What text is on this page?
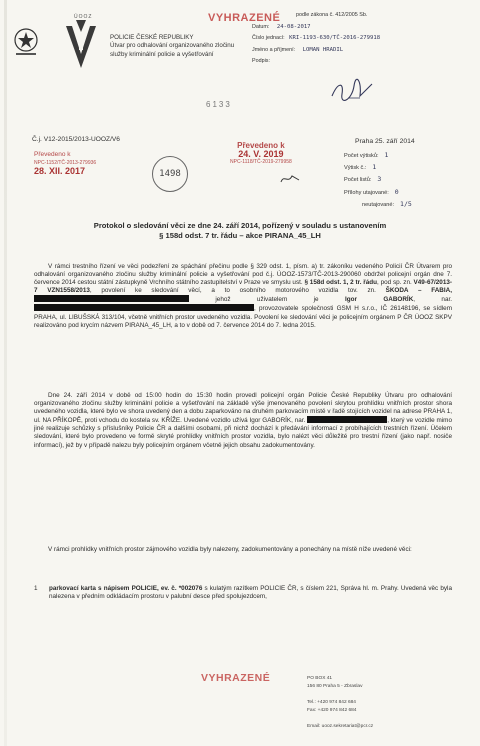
ÚOOZ
POLICIE ČESKÉ REPUBLIKY
Útvar pro odhalování organizovaného zločinu
služby kriminální policie a vyšetřování
VYHRAZENÉ	podle zákona č. 412/2005 Sb.
Datum: 24-08-2017
Číslo jednací: KRI-1193-630/TČ-2016-279918
Jméno a příjmení: LOMAN HRADIL
Podpis:
6133
Č.j. V12-2015/2013-UOOZ/V6
Převedeno k
NPC-1152/TČ-2013-279936
28. XII. 2017	1498
Převedeno k
24. V. 2019
NPC-1118/TČ-2019-279958
Praha 25. září 2014
Počet výtisků: 1
Výtisk č.: 1
Počet listů: 3
Přílohy utajované: 0
neutajované: 1/5
Protokol o sledování věci ze dne 24. září 2014, pořízený v souladu s ustanovením
§ 158d odst. 7 tr. řádu – akce PIRANA_45_LH
V rámci trestního řízení ve věci podezření ze spáchání přečinu podle § 329 odst. 1, písm. a) tr. zákoníku vedeného Policií ČR Útvarem pro odhalování organizovaného zločinu služby kriminální policie a vyšetřování pod č.j. ÚOOZ-1573/TČ-2013-290060 obdržel policejní orgán dne 7. července 2014 cestou státní zástupkyně Vrchního státního zastupitelství v Praze ve smyslu ust. § 158d odst. 1, 2 tr. řádu, pod sp. zn. V49-67/2013-7 VZN1558/2013, povolení ke sledování věcí, a to osobního motorového vozidla tov. zn. ŠKODA – FABIA, jehož uživatelem je Igor GABORÍK, nar., provozovatele společnosti GSM H s.r.o., IČ 26148196, se sídlem PRAHA, ul. LIBUŠSKÁ 313/104, včetně vnitřních prostor uvedeného vozidla. Povolení ke sledování věci je policejním orgánem P ČR ÚOOZ SKPV realizováno pod krycím názvem PIRANA_45_LH, a to v době od 7. července 2014 do 7. ledna 2015.
Dne 24. září 2014 v době od 15:00 hodin do 15:30 hodin provedl policejní orgán Policie České Republiky Útvaru pro odhalování organizovaného zločinu služby kriminální policie a vyšetřování na základě výše jmenovaného povolení skrytou prohlídku vnitřních prostor shora uvedeného vozidla, které bylo ve shora uvedený den a dobu zaparkováno na druhém parkovacím místě v řadě stojících vozidel na adrese PRAHA 1, ul. NA PŘÍKOPĚ, proti vchodu do kostela sv. KŘÍŽE. Uvedené vozidlo užívá Igor GABORÍK, nar.	, který ve vozidle mimo jiné realizuje schůzky s příslušníky Policie ČR a dalšími osobami, při nichž dochází k předávání informací z probíhajících trestních řízení. Účelem sledování, které bylo provedeno ve formě skryté prohlídky vnitřních prostor vozidla, bylo nalézt věci důležité pro trestní řízení (jako např. nosiče informací), jež by v případě nalezu byly policejním orgánem včetně jejich obsahu zadokumentovány.
V rámci prohlídky vnitřních prostor zájmového vozidla byly nalezeny, zadokumentovány a ponechány na místě níže uvedené věci:
1 parkovací karta s nápisem POLICIE, ev. č. *002076 s kulatým razítkem POLICIE ČR, s číslem 221, Správa hl. m. Prahy. Uvedená věc byla nalezena v předním odkládacím prostoru v palubní desce před spolujezdcem,
VYHRAZENÉ	PO BOX 41
156 80 Praha 5 - Zbraslav

Tel.: +420 974 842 684
Fax: +420 974 842 684

Email: uooz.sekretariat@pcr.cz
